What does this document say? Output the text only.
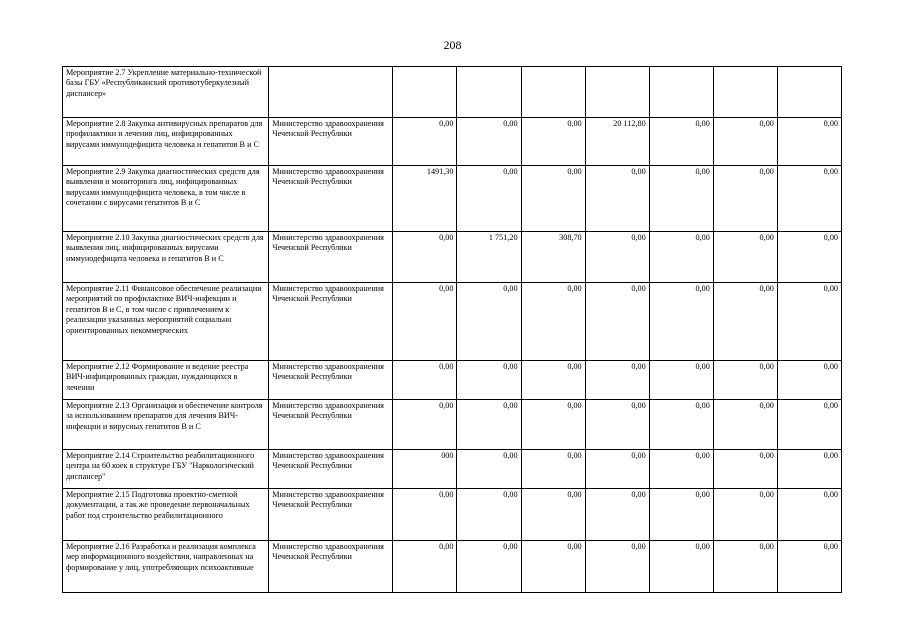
208
Мероприятие 2.7 Укрепление материально-технической базы ГБУ «Республиканский противотуберкулезный диспансер»								
Мероприятие 2.8 Закупка антивирусных препаратов для профилактики и лечения лиц, инфицированных вирусами иммунодефицита человека и гепатитов В и С	Министерство здравоохранения Чеченской Республики	0,00	0,00	0,00	20 112,80	0,00	0,00	0,00
Мероприятие 2.9 Закупка диагностических средств для выявления и мониторинга лиц, инфицированных вирусами иммунодефицита человека, в том числе в сочетании с вирусами гепатитов В и С	Министерство здравоохранения Чеченской Республики	1491,30	0,00	0,00	0,00	0,00	0,00	0,00
Мероприятие 2.10 Закупка диагностических средств для выявления лиц, инфицированных вирусами иммунодефицита человека и гепатитов В и С	Министерство здравоохранения Чеченской Республики	0,00	1 751,20	308,70	0,00	0,00	0,00	0,00
Мероприятие 2.11 Финансовое обеспечение реализации мероприятий по профилактике ВИЧ-инфекции и гепатитов В и С, в том числе с привлечением к реализации указанных мероприятий социально ориентированных некоммерческих	Министерство здравоохранения Чеченской Республики	0,00	0,00	0,00	0,00	0,00	0,00	0,00
Мероприятие 2.12 Формирование и ведение реестра ВИЧ-инфицированных граждан, нуждающихся в лечении	Министерство здравоохранения Чеченской Республики	0,00	0,00	0,00	0,00	0,00	0,00	0,00
Мероприятие 2.13 Организация и обеспечение контроля за использованием препаратов для лечения ВИЧ-инфекции и вирусных гепатитов В и С	Министерство здравоохранения Чеченской Республики	0,00	0,00	0,00	0,00	0,00	0,00	0,00
Мероприятие 2.14 Строительство реабилитационного центра на 60 коек в структуре ГБУ "Наркологический диспансер"	Министерство здравоохранения Чеченской Республики	000	0,00	0,00	0,00	0,00	0,00	0,00
Мероприятие 2.15 Подготовка проектно-сметной документации, а так же проведение первоначальных работ под строительство реабилитационного	Министерство здравоохранения Чеченской Республики	0,00	0,00	0,00	0,00	0,00	0,00	0,00
Мероприятие 2.16 Разработка и реализация комплекса мер информационного воздействия, направленных на формирование у лиц, употребляющих психоактивные	Министерство здравоохранения Чеченской Республики	0,00	0,00	0,00	0,00	0,00	0,00	0,00
